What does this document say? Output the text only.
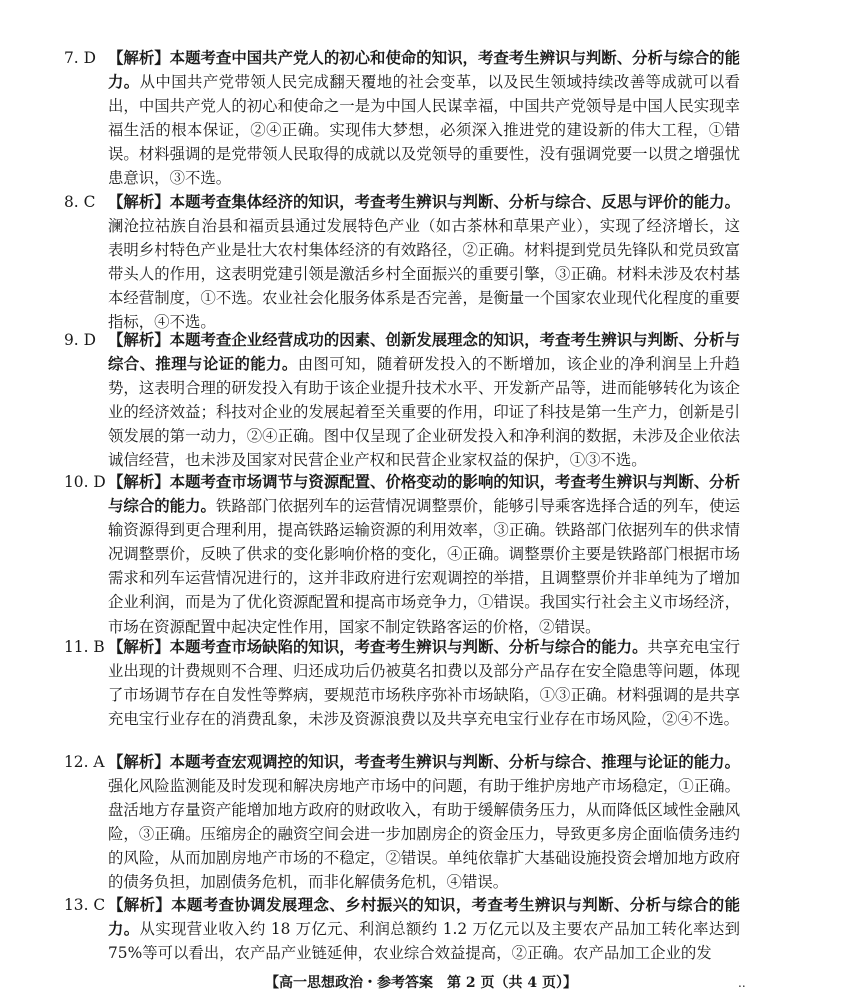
7. D 【解析】本题考查中国共产党人的初心和使命的知识，考查考生辨识与判断、分析与综合的能力。从中国共产党带领人民完成翻天覆地的社会变革，以及民生领域持续改善等成就可以看出，中国共产党人的初心和使命之一是为中国人民谋幸福，中国共产党领导是中国人民实现幸福生活的根本保证，②④正确。实现伟大梦想，必须深入推进党的建设新的伟大工程，①错误。材料强调的是党带领人民取得的成就以及党领导的重要性，没有强调党要一以贯之增强忧患意识，③不选。
8. C 【解析】本题考查集体经济的知识，考查考生辨识与判断、分析与综合、反思与评价的能力。澜沧拉祜族自治县和福贡县通过发展特色产业（如古茶林和草果产业），实现了经济增长，这表明乡村特色产业是壮大农村集体经济的有效路径，②正确。材料提到党员先锋队和党员致富带头人的作用，这表明党建引领是激活乡村全面振兴的重要引擎，③正确。材料未涉及农村基本经营制度，①不选。农业社会化服务体系是否完善，是衡量一个国家农业现代化程度的重要指标，④不选。
9. D 【解析】本题考查企业经营成功的因素、创新发展理念的知识，考查考生辨识与判断、分析与综合、推理与论证的能力。由图可知，随着研发投入的不断增加，该企业的净利润呈上升趋势，这表明合理的研发投入有助于该企业提升技术水平、开发新产品等，进而能够转化为该企业的经济效益；科技对企业的发展起着至关重要的作用，印证了科技是第一生产力，创新是引领发展的第一动力，②④正确。图中仅呈现了企业研发投入和净利润的数据，未涉及企业依法诚信经营，也未涉及国家对民营企业产权和民营企业家权益的保护，①③不选。
10. D 【解析】本题考查市场调节与资源配置、价格变动的影响的知识，考查考生辨识与判断、分析与综合的能力。铁路部门依据列车的运营情况调整票价，能够引导乘客选择合适的列车，使运输资源得到更合理利用，提高铁路运输资源的利用效率，③正确。铁路部门依据列车的供求情况调整票价，反映了供求的变化影响价格的变化，④正确。调整票价主要是铁路部门根据市场需求和列车运营情况进行的，这并非政府进行宏观调控的举措，且调整票价并非单纯为了增加企业利润，而是为了优化资源配置和提高市场竞争力，①错误。我国实行社会主义市场经济，市场在资源配置中起决定性作用，国家不制定铁路客运的价格，②错误。
11. B 【解析】本题考查市场缺陷的知识，考查考生辨识与判断、分析与综合的能力。共享充电宝行业出现的计费规则不合理、归还成功后仍被莫名扣费以及部分产品存在安全隐患等问题，体现了市场调节存在自发性等弊病，要规范市场秩序弥补市场缺陷，①③正确。材料强调的是共享充电宝行业存在的消费乱象，未涉及资源浪费以及共享充电宝行业存在市场风险，②④不选。
12. A 【解析】本题考查宏观调控的知识，考查考生辨识与判断、分析与综合、推理与论证的能力。强化风险监测能及时发现和解决房地产市场中的问题，有助于维护房地产市场稳定，①正确。盘活地方存量资产能增加地方政府的财政收入，有助于缓解债务压力，从而降低区域性金融风险，③正确。压缩房企的融资空间会进一步加剧房企的资金压力，导致更多房企面临债务违约的风险，从而加剧房地产市场的不稳定，②错误。单纯依靠扩大基础设施投资会增加地方政府的债务负担，加剧债务危机，而非化解债务危机，④错误。
13. C 【解析】本题考查协调发展理念、乡村振兴的知识，考查考生辨识与判断、分析与综合的能力。从实现营业收入约 18 万亿元、利润总额约 1.2 万亿元以及主要农产品加工转化率达到 75%等可以看出，农产品产业链延伸，农业综合效益提高，②正确。农产品加工企业的发
【高一思想政治・参考答案　第 2 页（共 4 页）】	..
